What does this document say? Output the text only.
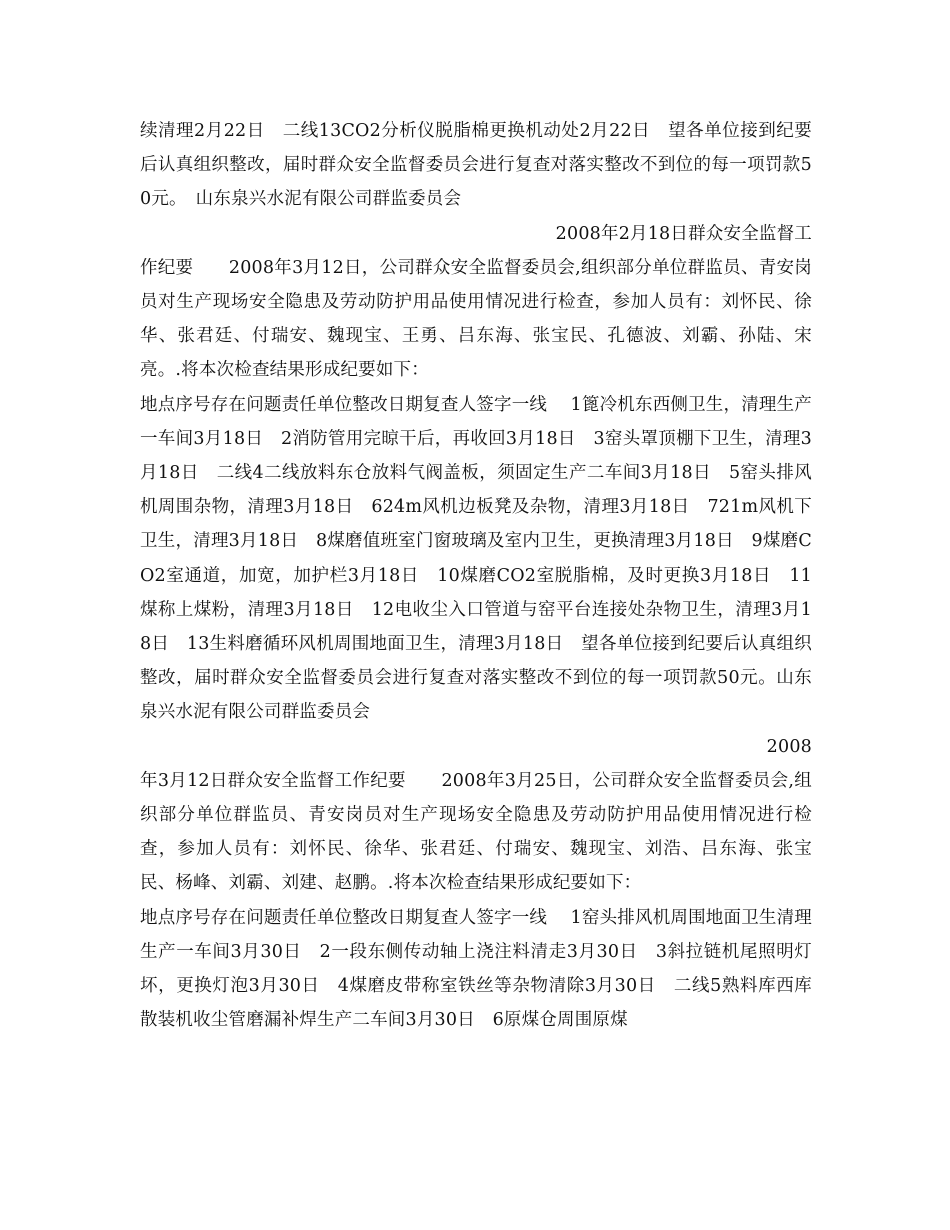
续清理2月22日　二线13CO2分析仪脱脂棉更换机动处2月22日　望各单位接到纪要后认真组织整改，届时群众安全监督委员会进行复查对落实整改不到位的每一项罚款50元。　山东泉兴水泥有限公司群监委员会

2008年2月18日群众安全监督工

作纪要　　2008年3月12日，公司群众安全监督委员会,组织部分单位群监员、青安岗员对生产现场安全隐患及劳动防护用品使用情况进行检查，参加人员有：刘怀民、徐华、张君廷、付瑞安、魏现宝、王勇、吕东海、张宝民、孔德波、刘霸、孙陆、宋亮。.将本次检查结果形成纪要如下：

地点序号存在问题责任单位整改日期复查人签字一线　 1篦冷机东西侧卫生，清理生产一车间3月18日　2消防管用完晾干后，再收回3月18日　3窑头罩顶棚下卫生，清理3月18日　二线4二线放料东仓放料气阀盖板，须固定生产二车间3月18日　5窑头排风机周围杂物，清理3月18日　624m风机边板凳及杂物，清理3月18日　721m风机下卫生，清理3月18日　8煤磨值班室门窗玻璃及室内卫生，更换清理3月18日　9煤磨CO2室通道，加宽，加护栏3月18日　10煤磨CO2室脱脂棉，及时更换3月18日　11煤称上煤粉，清理3月18日　12电收尘入口管道与窑平台连接处杂物卫生，清理3月18日　13生料磨循环风机周围地面卫生，清理3月18日　望各单位接到纪要后认真组织整改，届时群众安全监督委员会进行复查对落实整改不到位的每一项罚款50元。山东泉兴水泥有限公司群监委员会

2008

年3月12日群众安全监督工作纪要　　2008年3月25日，公司群众安全监督委员会,组织部分单位群监员、青安岗员对生产现场安全隐患及劳动防护用品使用情况进行检查，参加人员有：刘怀民、徐华、张君廷、付瑞安、魏现宝、刘浩、吕东海、张宝民、杨峰、刘霸、刘建、赵鹏。.将本次检查结果形成纪要如下：

地点序号存在问题责任单位整改日期复查人签字一线　 1窑头排风机周围地面卫生清理生产一车间3月30日　2一段东侧传动轴上浇注料清走3月30日　3斜拉链机尾照明灯坏，更换灯泡3月30日　4煤磨皮带称室铁丝等杂物清除3月30日　二线5熟料库西库散装机收尘管磨漏补焊生产二车间3月30日　6原煤仓周围原煤
